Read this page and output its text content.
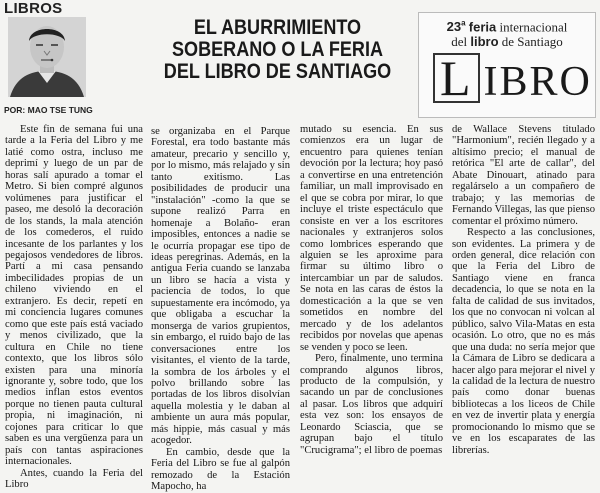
LIBROS
POR: MAO TSE TUNG
EL ABURRIMIENTO
SOBERANO O LA FERIA
DEL LIBRO DE SANTIAGO
23$^a$ feria internacional
del libro de Santiago
L IBRO

Este fin de semana fui una tarde a la Feria del Libro y me latié como ostra, incluso me deprimí y luego de un par de horas salí apurado a tomar el Metro. Si bien compré algunos volúmenes para justificar el paseo, me desoló la decoración de los stands, la mala atención de los comederos, el ruido incesante de los parlantes y los pegajosos vendedores de libros. Partí a mi casa pensando imbecilidades propias de un chileno viviendo en el extranjero. Es decir, repetí en mi conciencia lugares comunes como que este país está vaciado y menos civilizado, que la cultura en Chile no tiene contexto, que los libros sólo existen para una minoría ignorante y, sobre todo, que los medios inflan estos eventos porque no tienen pauta cultural propia, ni imaginación, ni cojones para criticar lo que saben es una vergüenza para un país con tantas aspiraciones internacionales.

Antes, cuando la Feria del Libro

se organizaba en el Parque Forestal, era todo bastante más amateur, precario y sencillo y, por lo mismo, más relajado y sin tanto exitismo. Las posibilidades de producir una "instalación" -como la que se supone realizó Parra en homenaje a Bolaño- eran imposibles, entonces a nadie se le ocurría propagar ese tipo de ideas peregrinas. Además, en la antigua Feria cuando se lanzaba un libro se hacía a vista y paciencia de todos, lo que supuestamente era incómodo, ya que obligaba a escuchar la monserga de varios grupientos, sin embargo, el ruido bajo de las conversaciones entre los visitantes, el viento de la tarde, la sombra de los árboles y el polvo brillando sobre las portadas de los libros disolvían aquella molestia y le daban al ambiente un aura más popular, más hippie, más casual y más acogedor.

En cambio, desde que la Feria del Libro se fue al galpón remozado de la Estación Mapocho, ha

mutado su esencia. En sus comienzos era un lugar de encuentro para quienes tenían devoción por la lectura; hoy pasó a convertirse en una entretención familiar, un mall improvisado en el que se cobra por mirar, lo que incluye el triste espectáculo que consiste en ver a los escritores nacionales y extranjeros solos como lombrices esperando que alguien se les aproxime para firmar su último libro o intercambiar un par de saludos. Se nota en las caras de éstos la domesticación a la que se ven sometidos en nombre del mercado y de los adelantos recibidos por novelas que apenas se venden y poco se leen.

Pero, finalmente, uno termina comprando algunos libros, producto de la compulsión, y sacando un par de conclusiones al pasar. Los libros que adquirí esta vez son: los ensayos de Leonardo Sciascia, que se agrupan bajo el título "Crucigrama"; el libro de poemas

de Wallace Stevens titulado "Harmonium", recién llegado y a altísimo precio; el manual de retórica "El arte de callar", del Abate Dinouart, atinado para regalárselo a un compañero de trabajo; y las memorias de Fernando Villegas, las que pienso comentar el próximo número.

Respecto a las conclusiones, son evidentes. La primera y de orden general, dice relación con que la Feria del Libro de Santiago viene en franca decadencia, lo que se nota en la falta de calidad de sus invitados, los que no convocan ni volcan al público, salvo Vila-Matas en esta ocasión. Lo otro, que no es más que una duda: no sería mejor que la Cámara de Libro se dedicara a hacer algo para mejorar el nivel y la calidad de la lectura de nuestro país como donar buenas bibliotecas a los liceos de Chile en vez de invertir plata y energía promocionando lo mismo que se ve en los escaparates de las librerías.
